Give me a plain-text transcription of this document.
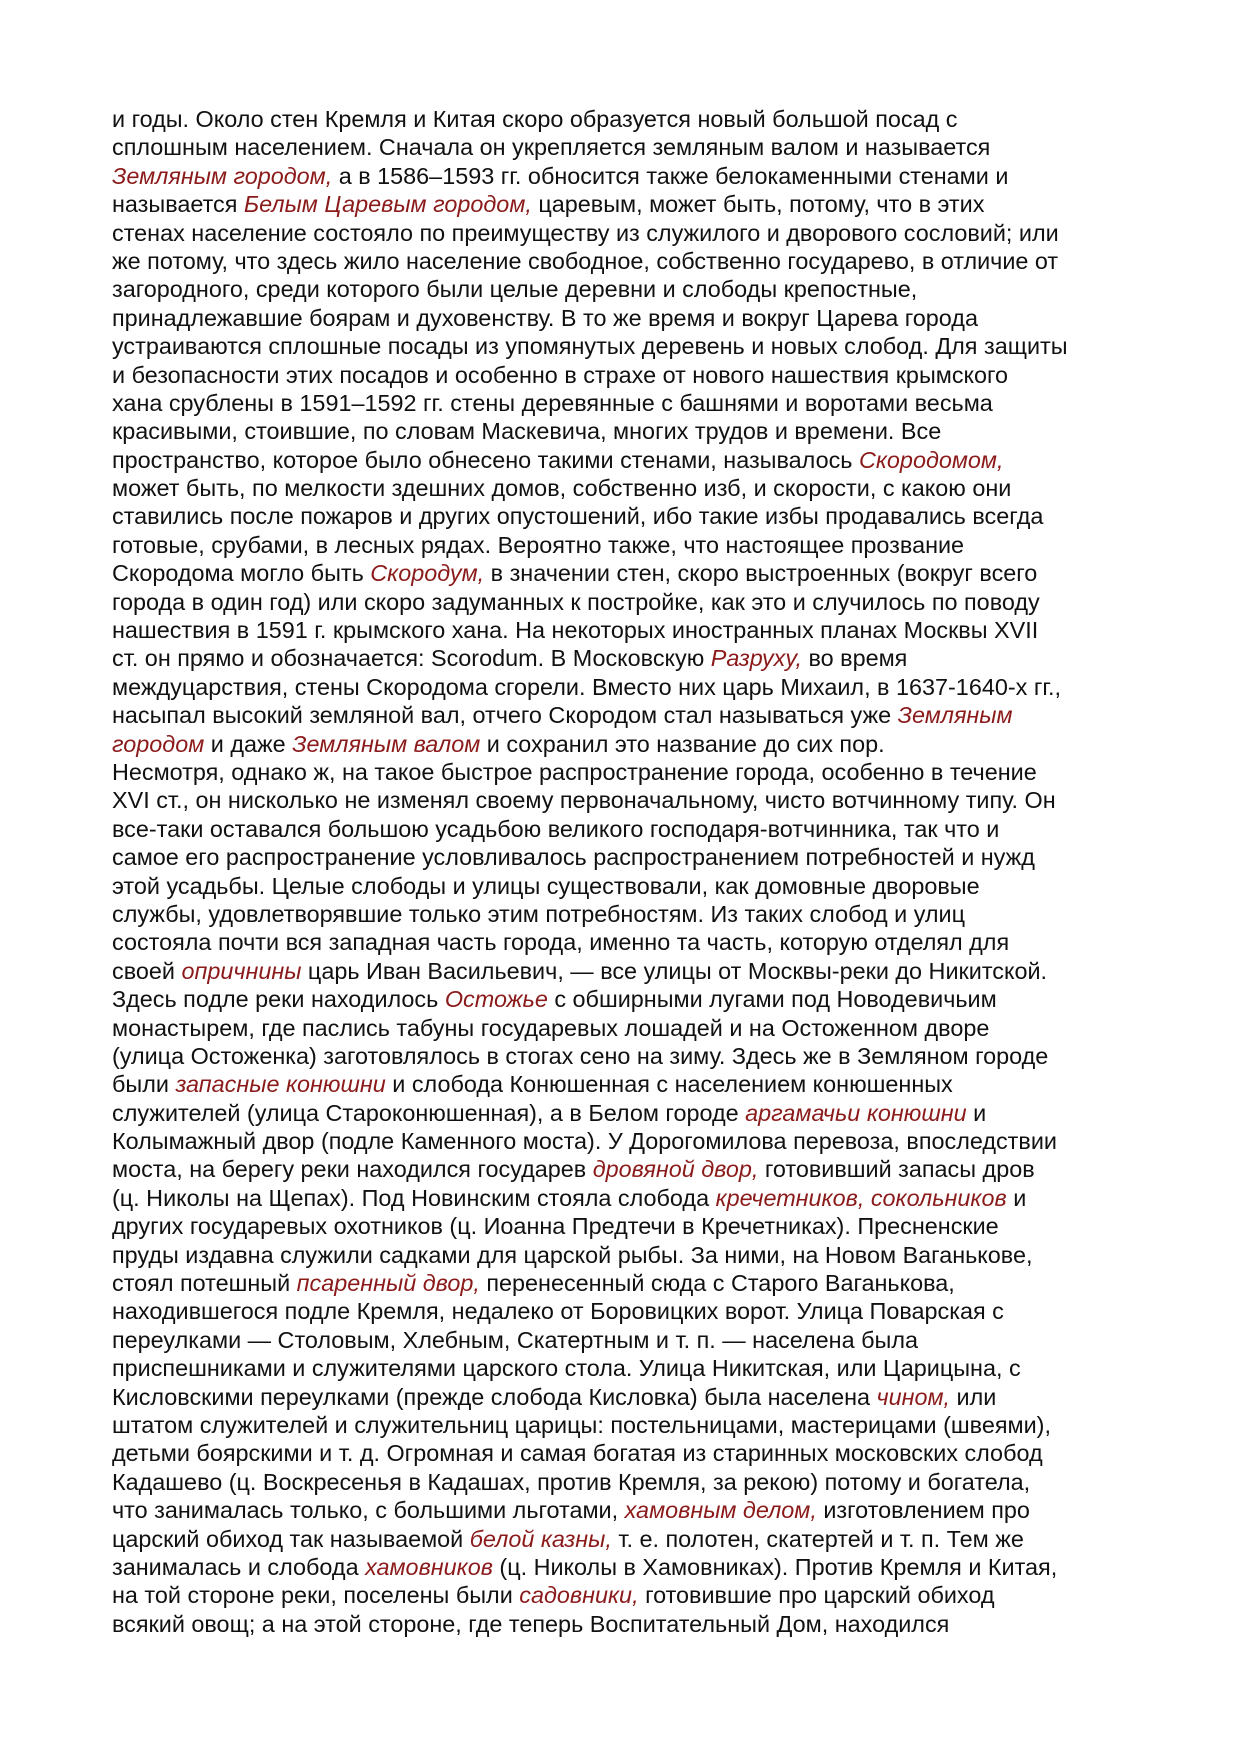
и годы. Около стен Кремля и Китая скоро образуется новый большой посад с
сплошным населением. Сначала он укрепляется земляным валом и называется
Земляным городом, а в 1586–1593 гг. обносится также белокаменными стенами и
называется Белым Царевым городом, царевым, может быть, потому, что в этих
стенах население состояло по преимуществу из служилого и дворового сословий; или
же потому, что здесь жило население свободное, собственно государево, в отличие от
загородного, среди которого были целые деревни и слободы крепостные,
принадлежавшие боярам и духовенству. В то же время и вокруг Царева города
устраиваются сплошные посады из упомянутых деревень и новых слобод. Для защиты
и безопасности этих посадов и особенно в страхе от нового нашествия крымского
хана срублены в 1591–1592 гг. стены деревянные с башнями и воротами весьма
красивыми, стоившие, по словам Маскевича, многих трудов и времени. Все
пространство, которое было обнесено такими стенами, называлось Скородомом,
может быть, по мелкости здешних домов, собственно изб, и скорости, с какою они
ставились после пожаров и других опустошений, ибо такие избы продавались всегда
готовые, срубами, в лесных рядах. Вероятно также, что настоящее прозвание
Скородома могло быть Скородум, в значении стен, скоро выстроенных (вокруг всего
города в один год) или скоро задуманных к постройке, как это и случилось по поводу
нашествия в 1591 г. крымского хана. На некоторых иностранных планах Москвы XVII
ст. он прямо и обозначается: Scorodum. В Московскую Разруху, во время
междуцарствия, стены Скородома сгорели. Вместо них царь Михаил, в 1637-1640-х гг.,
насыпал высокий земляной вал, отчего Скородом стал называться уже Земляным
городом и даже Земляным валом и сохранил это название до сих пор.
Несмотря, однако ж, на такое быстрое распространение города, особенно в течение
XVI ст., он нисколько не изменял своему первоначальному, чисто вотчинному типу. Он
все-таки оставался большою усадьбою великого господаря-вотчинника, так что и
самое его распространение условливалось распространением потребностей и нужд
этой усадьбы. Целые слободы и улицы существовали, как домовные дворовые
службы, удовлетворявшие только этим потребностям. Из таких слобод и улиц
состояла почти вся западная часть города, именно та часть, которую отделял для
своей опричнины царь Иван Васильевич, — все улицы от Москвы-реки до Никитской.
Здесь подле реки находилось Остожье с обширными лугами под Новодевичьим
монастырем, где паслись табуны государевых лошадей и на Остоженном дворе
(улица Остоженка) заготовлялось в стогах сено на зиму. Здесь же в Земляном городе
были запасные конюшни и слобода Конюшенная с населением конюшенных
служителей (улица Староконюшенная), а в Белом городе аргамачьи конюшни и
Колымажный двор (подле Каменного моста). У Дорогомилова перевоза, впоследствии
моста, на берегу реки находился государев дровяной двор, готовивший запасы дров
(ц. Николы на Щепах). Под Новинским стояла слобода кречетников, сокольников и
других государевых охотников (ц. Иоанна Предтечи в Кречетниках). Пресненские
пруды издавна служили садками для царской рыбы. За ними, на Новом Ваганькове,
стоял потешный псаренный двор, перенесенный сюда с Старого Ваганькова,
находившегося подле Кремля, недалеко от Боровицких ворот. Улица Поварская с
переулками — Столовым, Хлебным, Скатертным и т. п. — населена была
приспешниками и служителями царского стола. Улица Никитская, или Царицына, с
Кисловскими переулками (прежде слобода Кисловка) была населена чином, или
штатом служителей и служительниц царицы: постельницами, мастерицами (швеями),
детьми боярскими и т. д. Огромная и самая богатая из старинных московских слобод
Кадашево (ц. Воскресенья в Кадашах, против Кремля, за рекою) потому и богатела,
что занималась только, с большими льготами, хамовным делом, изготовлением про
царский обиход так называемой белой казны, т. е. полотен, скатертей и т. п. Тем же
занималась и слобода хамовников (ц. Николы в Хамовниках). Против Кремля и Китая,
на той стороне реки, поселены были садовники, готовившие про царский обиход
всякий овощ; а на этой стороне, где теперь Воспитательный Дом, находился
